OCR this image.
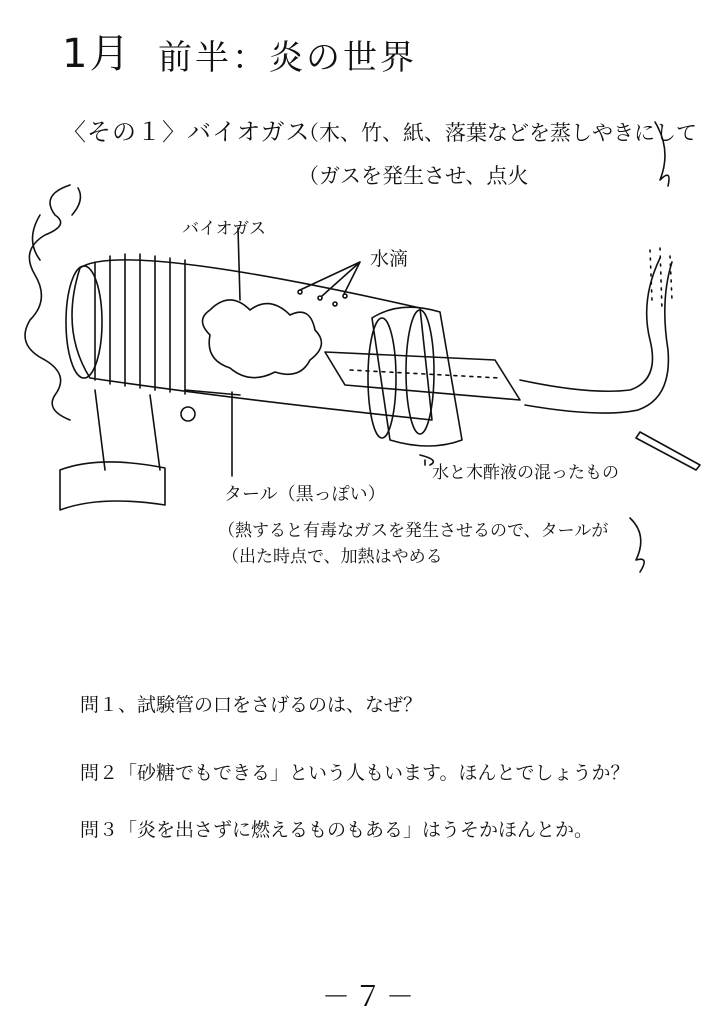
1月 前半：炎の世界
〈その１〉バイオガス
（木、竹、紙、落葉などを蒸しやきにして
（ガスを発生させ、点火
バイオガス
水滴
水と木酢液の混ったもの
タール（黒っぽい）
（熱すると有毒なガスを発生させるので、タールが
（出た時点で、加熱はやめる
問１、試験管の口をさげるのは、なぜ？
問２「砂糖でもできる」という人もいます。ほんとでしょうか？
問３「炎を出さずに燃えるものもある」はうそかほんとか。
－７－
